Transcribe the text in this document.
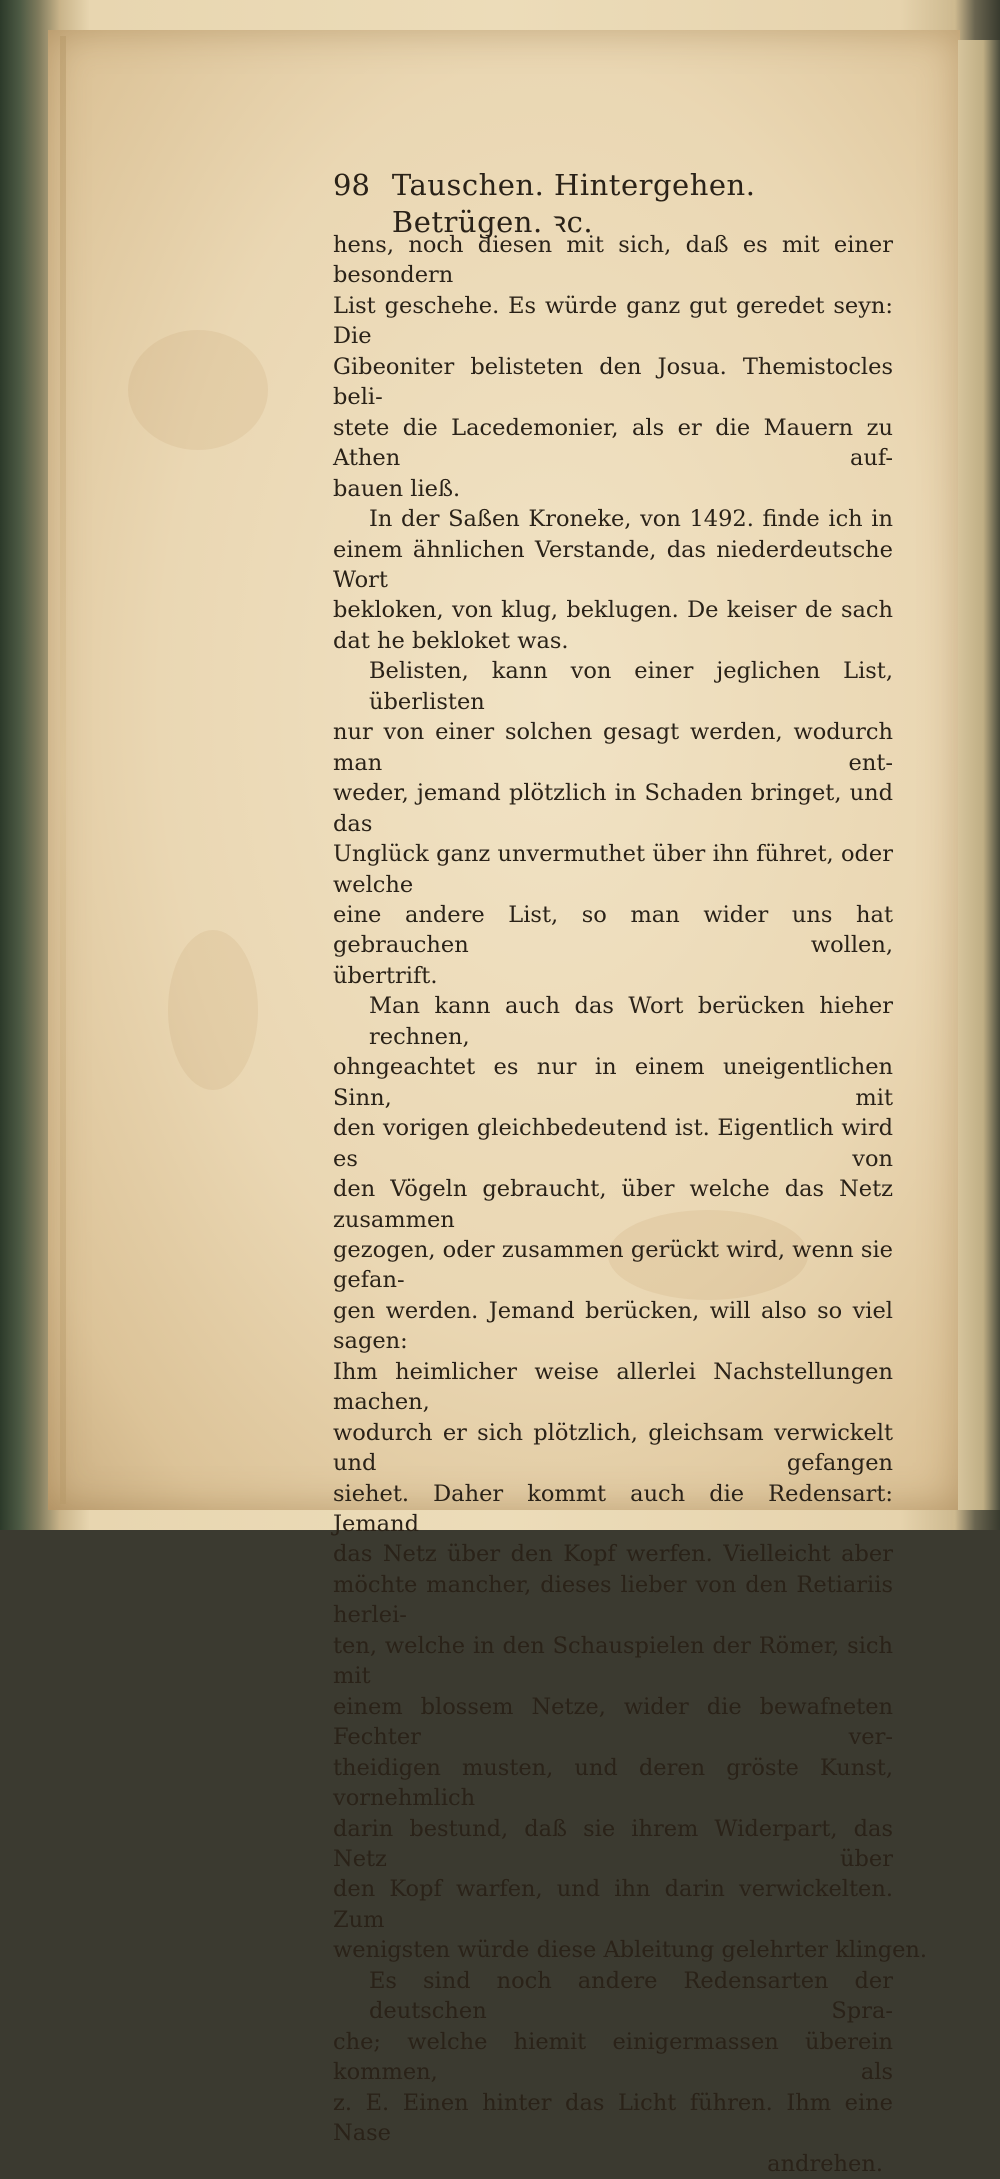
98 Tauschen. Hintergehen. Betrügen. ꝛc.
hens, noch diesen mit sich, daß es mit einer besondern
List geschehe. Es würde ganz gut geredet seyn: Die
Gibeoniter belisteten den Josua. Themistocles beli-
stete die Lacedemonier, als er die Mauern zu Athen auf-
bauen ließ.
In der Saßen Kroneke, von 1492. finde ich in
einem ähnlichen Verstande, das niederdeutsche Wort
bekloken, von klug, beklugen. De keiser de sach
dat he bekloket was.
Belisten, kann von einer jeglichen List, überlisten
nur von einer solchen gesagt werden, wodurch man ent-
weder, jemand plötzlich in Schaden bringet, und das
Unglück ganz unvermuthet über ihn führet, oder welche
eine andere List, so man wider uns hat gebrauchen wollen,
übertrift.
Man kann auch das Wort berücken hieher rechnen,
ohngeachtet es nur in einem uneigentlichen Sinn, mit
den vorigen gleichbedeutend ist. Eigentlich wird es von
den Vögeln gebraucht, über welche das Netz zusammen
gezogen, oder zusammen gerückt wird, wenn sie gefan-
gen werden. Jemand berücken, will also so viel sagen:
Ihm heimlicher weise allerlei Nachstellungen machen,
wodurch er sich plötzlich, gleichsam verwickelt und gefangen
siehet. Daher kommt auch die Redensart: Jemand
das Netz über den Kopf werfen. Vielleicht aber
möchte mancher, dieses lieber von den Retiariis herlei-
ten, welche in den Schauspielen der Römer, sich mit
einem blossem Netze, wider die bewafneten Fechter ver-
theidigen musten, und deren gröste Kunst, vornehmlich
darin bestund, daß sie ihrem Widerpart, das Netz über
den Kopf warfen, und ihn darin verwickelten. Zum
wenigsten würde diese Ableitung gelehrter klingen.
Es sind noch andere Redensarten der deutschen Spra-
che; welche hiemit einigermassen überein kommen, als
z. E. Einen hinter das Licht führen. Ihm eine Nase
andrehen.
